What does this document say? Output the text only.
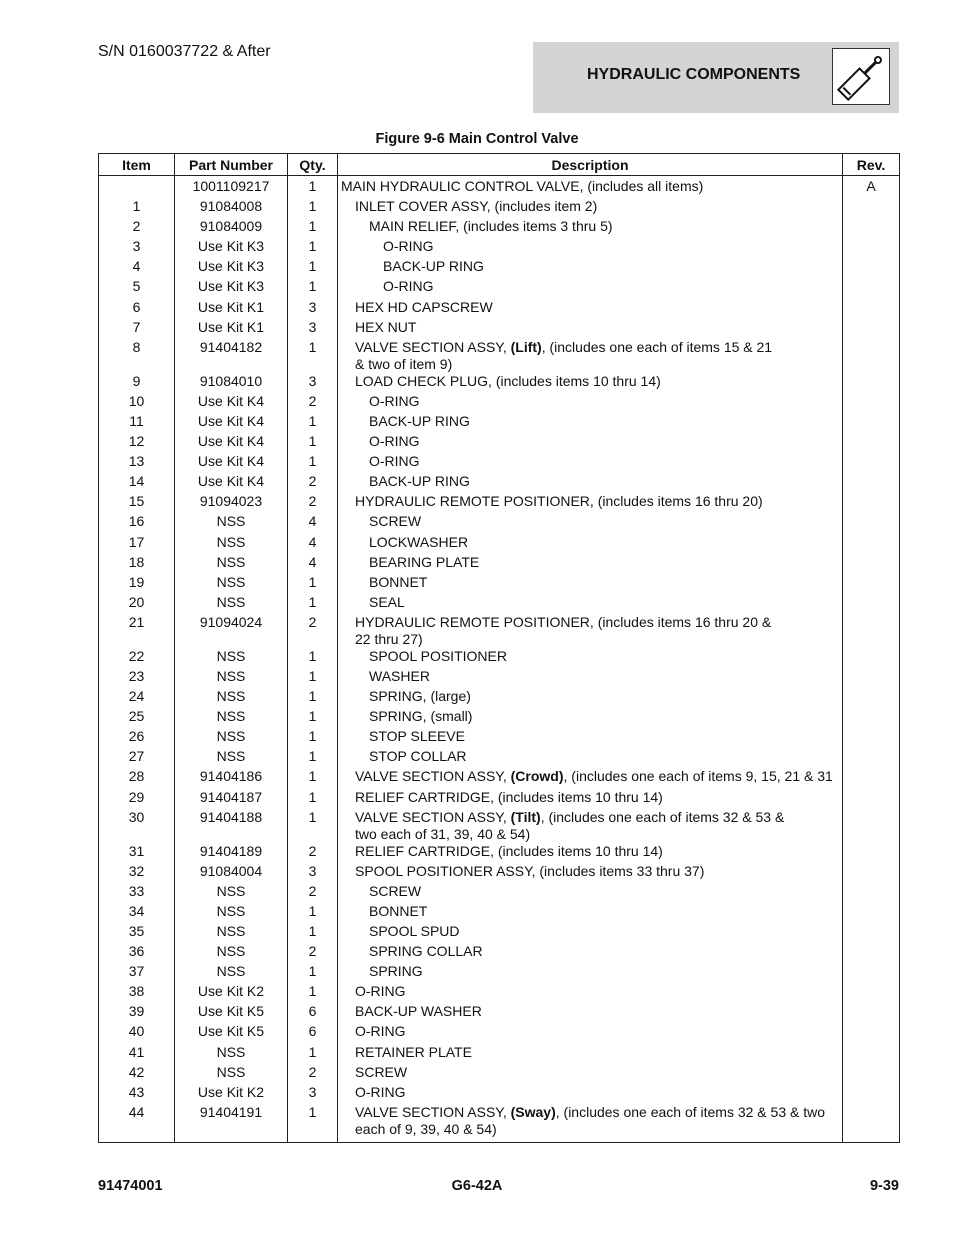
S/N 0160037722 & After
HYDRAULIC COMPONENTS
Figure 9-6 Main Control Valve
Item	Part Number	Qty.	Description	Rev.
	1001109217	1	MAIN HYDRAULIC CONTROL VALVE, (includes all items)	A
1	91084008	1	INLET COVER ASSY, (includes item 2)	

2	91084009	1	MAIN RELIEF, (includes items 3 thru 5)	

3	Use Kit K3	1	O-RING	

4	Use Kit K3	1	BACK-UP RING	

5	Use Kit K3	1	O-RING	

6	Use Kit K1	3	HEX HD CAPSCREW	

7	Use Kit K1	3	HEX NUT	

8	91404182	1	VALVE SECTION ASSY, (Lift), (includes one each of items 15 & 21
& two of item 9)	

9	91084010	3	LOAD CHECK PLUG, (includes items 10 thru 14)	

10	Use Kit K4	2	O-RING	

11	Use Kit K4	1	BACK-UP RING	

12	Use Kit K4	1	O-RING	

13	Use Kit K4	1	O-RING	

14	Use Kit K4	2	BACK-UP RING	

15	91094023	2	HYDRAULIC REMOTE POSITIONER, (includes items 16 thru 20)	

16	NSS	4	SCREW	

17	NSS	4	LOCKWASHER	

18	NSS	4	BEARING PLATE	

19	NSS	1	BONNET	

20	NSS	1	SEAL	

21	91094024	2	HYDRAULIC REMOTE POSITIONER, (includes items 16 thru 20 &
22 thru 27)	

22	NSS	1	SPOOL POSITIONER	

23	NSS	1	WASHER	

24	NSS	1	SPRING, (large)	

25	NSS	1	SPRING, (small)	

26	NSS	1	STOP SLEEVE	

27	NSS	1	STOP COLLAR	

28	91404186	1	VALVE SECTION ASSY, (Crowd), (includes one each of items 9, 15, 21 & 31	

29	91404187	1	RELIEF CARTRIDGE, (includes items 10 thru 14)	

30	91404188	1	VALVE SECTION ASSY, (Tilt), (includes one each of items 32 & 53 &
two each of 31, 39, 40 & 54)	

31	91404189	2	RELIEF CARTRIDGE, (includes items 10 thru 14)	

32	91084004	3	SPOOL POSITIONER ASSY, (includes items 33 thru 37)	

33	NSS	2	SCREW	

34	NSS	1	BONNET	

35	NSS	1	SPOOL SPUD	

36	NSS	2	SPRING COLLAR	

37	NSS	1	SPRING	

38	Use Kit K2	1	O-RING	

39	Use Kit K5	6	BACK-UP WASHER	

40	Use Kit K5	6	O-RING	

41	NSS	1	RETAINER PLATE	

42	NSS	2	SCREW	

43	Use Kit K2	3	O-RING	

44	91404191	1	VALVE SECTION ASSY, (Sway), (includes one each of items 32 & 53 & two
each of 9, 39, 40 & 54)	

91474001	G6-42A	9-39
